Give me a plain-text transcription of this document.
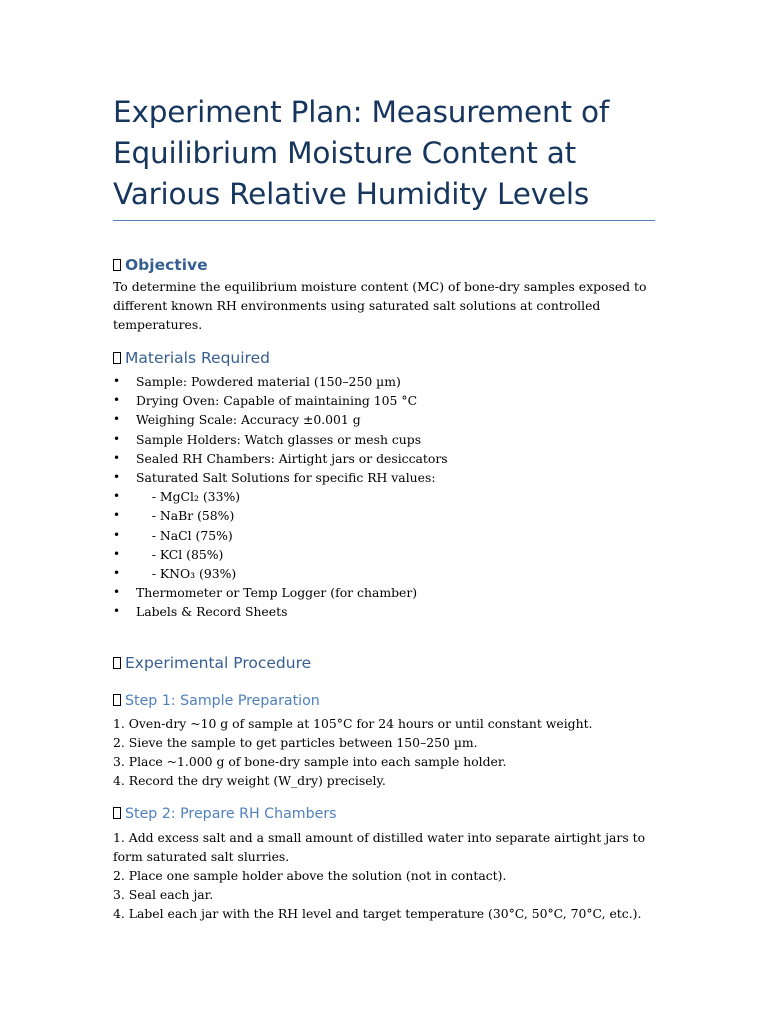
Experiment Plan: Measurement of Equilibrium Moisture Content at Various Relative Humidity Levels
Objective
To determine the equilibrium moisture content (MC) of bone-dry samples exposed to different known RH environments using saturated salt solutions at controlled temperatures.
Materials Required
• Sample: Powdered material (150–250 µm)
• Drying Oven: Capable of maintaining 105 °C
• Weighing Scale: Accuracy ±0.001 g
• Sample Holders: Watch glasses or mesh cups
• Sealed RH Chambers: Airtight jars or desiccators
• Saturated Salt Solutions for specific RH values:
• - MgCl₂ (33%)
• - NaBr (58%)
• - NaCl (75%)
• - KCl (85%)
• - KNO₃ (93%)
• Thermometer or Temp Logger (for chamber)
• Labels & Record Sheets
Experimental Procedure
Step 1: Sample Preparation
1. Oven-dry ~10 g of sample at 105°C for 24 hours or until constant weight.
2. Sieve the sample to get particles between 150–250 µm.
3. Place ~1.000 g of bone-dry sample into each sample holder.
4. Record the dry weight (W_dry) precisely.
Step 2: Prepare RH Chambers
1. Add excess salt and a small amount of distilled water into separate airtight jars to form saturated salt slurries.
2. Place one sample holder above the solution (not in contact).
3. Seal each jar.
4. Label each jar with the RH level and target temperature (30°C, 50°C, 70°C, etc.).
